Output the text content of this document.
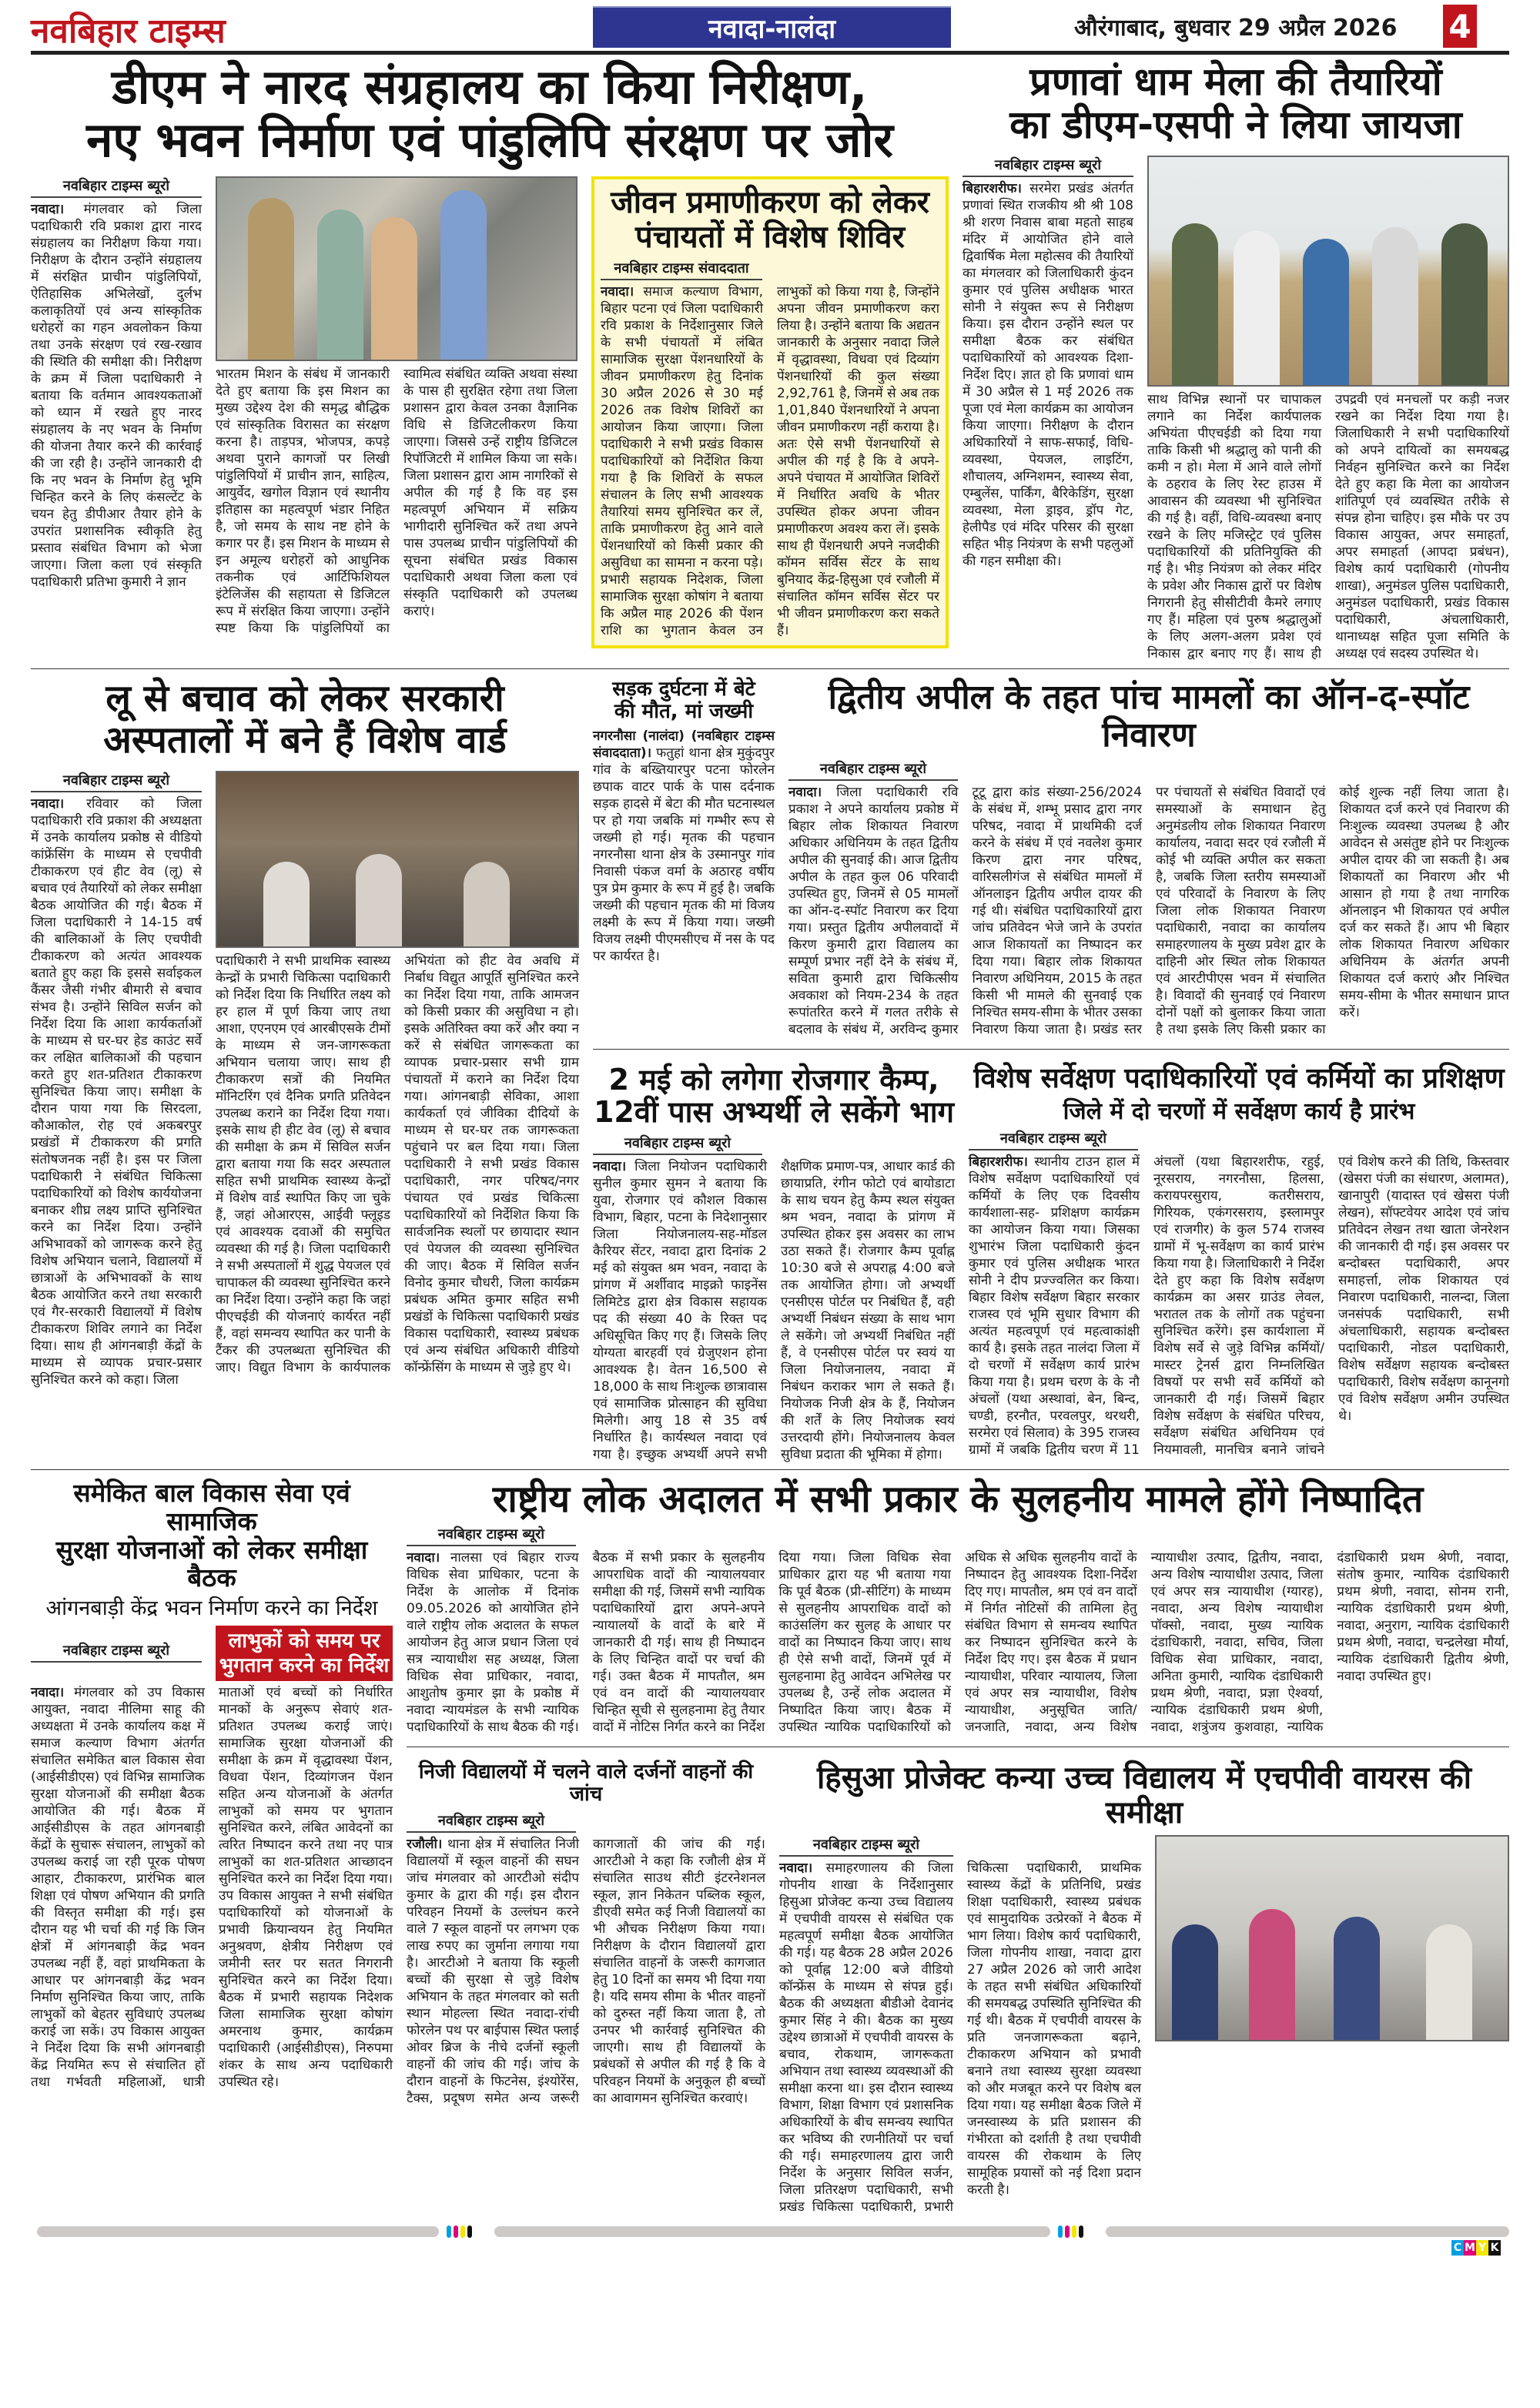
नवबिहार टाइम्स	नवादा-नालंदा	औरंगाबाद, बुधवार 29 अप्रैल 2026 4
डीएम ने नारद संग्रहालय का किया निरीक्षण,
नए भवन निर्माण एवं पांडुलिपि संरक्षण पर जोर
नवबिहार टाइम्स ब्यूरो

नवादा। मंगलवार को जिला पदाधिकारी रवि प्रकाश द्वारा नारद संग्रहालय का निरीक्षण किया गया। निरीक्षण के दौरान उन्होंने संग्रहालय में संरक्षित प्राचीन पांडुलिपियों, ऐतिहासिक अभिलेखों, दुर्लभ कलाकृतियों एवं अन्य सांस्कृतिक धरोहरों का गहन अवलोकन किया तथा उनके संरक्षण एवं रख-रखाव की स्थिति की समीक्षा की। निरीक्षण के क्रम में जिला पदाधिकारी ने बताया कि वर्तमान आवश्यकताओं को ध्यान में रखते हुए नारद संग्रहालय के नए भवन के निर्माण की योजना तैयार करने की कार्रवाई की जा रही है। उन्होंने जानकारी दी कि नए भवन के निर्माण हेतु भूमि चिन्हित करने के लिए कंसल्टेंट के चयन हेतु डीपीआर तैयार होने के उपरांत प्रशासनिक स्वीकृति हेतु प्रस्ताव संबंधित विभाग को भेजा जाएगा। जिला कला एवं संस्कृति पदाधिकारी प्रतिभा कुमारी ने ज्ञान

भारतम मिशन के संबंध में जानकारी देते हुए बताया कि इस मिशन का मुख्य उद्देश्य देश की समृद्ध बौद्धिक एवं सांस्कृतिक विरासत का संरक्षण करना है। ताड़पत्र, भोजपत्र, कपड़े अथवा पुराने कागजों पर लिखी पांडुलिपियों में प्राचीन ज्ञान, साहित्य, आयुर्वेद, खगोल विज्ञान एवं स्थानीय इतिहास का महत्वपूर्ण भंडार निहित है, जो समय के साथ नष्ट होने के कगार पर हैं। इस मिशन के माध्यम से इन अमूल्य धरोहरों को आधुनिक तकनीक एवं आर्टिफिशियल इंटेलिजेंस की सहायता से डिजिटल रूप में संरक्षित किया जाएगा। उन्होंने स्पष्ट किया कि पांडुलिपियों का स्वामित्व संबंधित व्यक्ति अथवा संस्था के पास ही सुरक्षित रहेगा तथा जिला प्रशासन द्वारा केवल उनका वैज्ञानिक विधि से डिजिटलीकरण किया जाएगा। जिससे उन्हें राष्ट्रीय डिजिटल रिपॉजिटरी में शामिल किया जा सके। जिला प्रशासन द्वारा आम नागरिकों से अपील की गई है कि वह इस महत्वपूर्ण अभियान में सक्रिय भागीदारी सुनिश्चित करें तथा अपने पास उपलब्ध प्राचीन पांडुलिपियों की सूचना संबंधित प्रखंड विकास पदाधिकारी अथवा जिला कला एवं संस्कृति पदाधिकारी को उपलब्ध कराएं।

जीवन प्रमाणीकरण को लेकर
पंचायतों में विशेष शिविर
नवबिहार टाइम्स संवाददाता

नवादा। समाज कल्याण विभाग, बिहार पटना एवं जिला पदाधिकारी रवि प्रकाश के निर्देशानुसार जिले के सभी पंचायतों में लंबित सामाजिक सुरक्षा पेंशनधारियों के जीवन प्रमाणीकरण हेतु दिनांक 30 अप्रैल 2026 से 30 मई 2026 तक विशेष शिविरों का आयोजन किया जाएगा। जिला पदाधिकारी ने सभी प्रखंड विकास पदाधिकारियों को निर्देशित किया गया है कि शिविरों के सफल संचालन के लिए सभी आवश्यक तैयारियां समय सुनिश्चित कर लें, ताकि प्रमाणीकरण हेतु आने वाले पेंशनधारियों को किसी प्रकार की असुविधा का सामना न करना पड़े। प्रभारी सहायक निदेशक, जिला सामाजिक सुरक्षा कोषांग ने बताया कि अप्रैल माह 2026 की पेंशन राशि का भुगतान केवल उन लाभुकों को किया गया है, जिन्होंने अपना जीवन प्रमाणीकरण करा लिया है। उन्होंने बताया कि अद्यतन जानकारी के अनुसार नवादा जिले में वृद्धावस्था, विधवा एवं दिव्यांग पेंशनधारियों की कुल संख्या 2,92,761 है, जिनमें से अब तक 1,01,840 पेंशनधारियों ने अपना जीवन प्रमाणीकरण नहीं कराया है। अतः ऐसे सभी पेंशनधारियों से अपील की गई है कि वे अपने-अपने पंचायत में आयोजित शिविरों में निर्धारित अवधि के भीतर उपस्थित होकर अपना जीवन प्रमाणीकरण अवश्य करा लें। इसके साथ ही पेंशनधारी अपने नजदीकी कॉमन सर्विस सेंटर के साथ बुनियाद केंद्र-हिसुआ एवं रजौली में संचालित कॉमन सर्विस सेंटर पर भी जीवन प्रमाणीकरण करा सकते हैं।

प्रणावां धाम मेला की तैयारियों
का डीएम-एसपी ने लिया जायजा
नवबिहार टाइम्स ब्यूरो

बिहारशरीफ। सरमेरा प्रखंड अंतर्गत प्रणावां स्थित राजकीय श्री श्री 108 श्री शरण निवास बाबा महतो साहब मंदिर में आयोजित होने वाले द्विवार्षिक मेला महोत्सव की तैयारियों का मंगलवार को जिलाधिकारी कुंदन कुमार एवं पुलिस अधीक्षक भारत सोनी ने संयुक्त रूप से निरीक्षण किया। इस दौरान उन्होंने स्थल पर समीक्षा बैठक कर संबंधित पदाधिकारियों को आवश्यक दिशा-निर्देश दिए। ज्ञात हो कि प्रणावां धाम में 30 अप्रैल से 1 मई 2026 तक पूजा एवं मेला कार्यक्रम का आयोजन किया जाएगा। निरीक्षण के दौरान अधिकारियों ने साफ-सफाई, विधि-व्यवस्था, पेयजल, लाइटिंग, शौचालय, अग्निशमन, स्वास्थ्य सेवा, एम्बुलेंस, पार्किंग, बैरिकेडिंग, सुरक्षा व्यवस्था, मेला ड्राइव, ड्रॉप गेट, हेलीपैड एवं मंदिर परिसर की सुरक्षा सहित भीड़ नियंत्रण के सभी पहलुओं की गहन समीक्षा की।

साथ विभिन्न स्थानों पर चापाकल लगाने का निर्देश कार्यपालक अभियंता पीएचईडी को दिया गया ताकि किसी भी श्रद्धालु को पानी की कमी न हो। मेला में आने वाले लोगों के ठहराव के लिए रेस्ट हाउस में आवासन की व्यवस्था भी सुनिश्चित की गई है। वहीं, विधि-व्यवस्था बनाए रखने के लिए मजिस्ट्रेट एवं पुलिस पदाधिकारियों की प्रतिनियुक्ति की गई है। भीड़ नियंत्रण को लेकर मंदिर के प्रवेश और निकास द्वारों पर विशेष निगरानी हेतु सीसीटीवी कैमरे लगाए गए हैं। महिला एवं पुरुष श्रद्धालुओं के लिए अलग-अलग प्रवेश एवं निकास द्वार बनाए गए हैं। साथ ही उपद्रवी एवं मनचलों पर कड़ी नजर रखने का निर्देश दिया गया है। जिलाधिकारी ने सभी पदाधिकारियों को अपने दायित्वों का समयबद्ध निर्वहन सुनिश्चित करने का निर्देश देते हुए कहा कि मेला का आयोजन शांतिपूर्ण एवं व्यवस्थित तरीके से संपन्न होना चाहिए। इस मौके पर उप विकास आयुक्त, अपर समाहर्ता, अपर समाहर्ता (आपदा प्रबंधन), विशेष कार्य पदाधिकारी (गोपनीय शाखा), अनुमंडल पुलिस पदाधिकारी, अनुमंडल पदाधिकारी, प्रखंड विकास पदाधिकारी, अंचलाधिकारी, थानाध्यक्ष सहित पूजा समिति के अध्यक्ष एवं सदस्य उपस्थित थे।

लू से बचाव को लेकर सरकारी
अस्पतालों में बने हैं विशेष वार्ड
नवबिहार टाइम्स ब्यूरो

नवादा। रविवार को जिला पदाधिकारी रवि प्रकाश की अध्यक्षता में उनके कार्यालय प्रकोष्ठ से वीडियो कांफ्रेंसिंग के माध्यम से एचपीवी टीकाकरण एवं हीट वेव (लू) से बचाव एवं तैयारियों को लेकर समीक्षा बैठक आयोजित की गई। बैठक में जिला पदाधिकारी ने 14-15 वर्ष की बालिकाओं के लिए एचपीवी टीकाकरण को अत्यंत आवश्यक बताते हुए कहा कि इससे सर्वाइकल कैंसर जैसी गंभीर बीमारी से बचाव संभव है। उन्होंने सिविल सर्जन को निर्देश दिया कि आशा कार्यकर्ताओं के माध्यम से घर-घर हेड काउंट सर्वे कर लक्षित बालिकाओं की पहचान करते हुए शत-प्रतिशत टीकाकरण सुनिश्चित किया जाए। समीक्षा के दौरान पाया गया कि सिरदला, कौआकोल, रोह एवं अकबरपुर प्रखंडों में टीकाकरण की प्रगति संतोषजनक नहीं है। इस पर जिला पदाधिकारी ने संबंधित चिकित्सा पदाधिकारियों को विशेष कार्ययोजना बनाकर शीघ्र लक्ष्य प्राप्ति सुनिश्चित करने का निर्देश दिया। उन्होंने अभिभावकों को जागरूक करने हेतु विशेष अभियान चलाने, विद्यालयों में छात्राओं के अभिभावकों के साथ बैठक आयोजित करने तथा सरकारी एवं गैर-सरकारी विद्यालयों में विशेष टीकाकरण शिविर लगाने का निर्देश दिया। साथ ही आंगनबाड़ी केंद्रों के माध्यम से व्यापक प्रचार-प्रसार सुनिश्चित करने को कहा। जिला

पदाधिकारी ने सभी प्राथमिक स्वास्थ्य केन्द्रों के प्रभारी चिकित्सा पदाधिकारी को निर्देश दिया कि निर्धारित लक्ष्य को हर हाल में पूर्ण किया जाए तथा आशा, एएनएम एवं आरबीएसके टीमों के माध्यम से जन-जागरूकता अभियान चलाया जाए। साथ ही टीकाकरण सत्रों की नियमित मॉनिटरिंग एवं दैनिक प्रगति प्रतिवेदन उपलब्ध कराने का निर्देश दिया गया। इसके साथ ही हीट वेव (लू) से बचाव की समीक्षा के क्रम में सिविल सर्जन द्वारा बताया गया कि सदर अस्पताल सहित सभी प्राथमिक स्वास्थ्य केन्द्रों में विशेष वार्ड स्थापित किए जा चुके हैं, जहां ओआरएस, आईवी फ्लूइड एवं आवश्यक दवाओं की समुचित व्यवस्था की गई है। जिला पदाधिकारी ने सभी अस्पतालों में शुद्ध पेयजल एवं चापाकल की व्यवस्था सुनिश्चित करने का निर्देश दिया। उन्होंने कहा कि जहां पीएचईडी की योजनाएं कार्यरत नहीं हैं, वहां समन्वय स्थापित कर पानी के टैंकर की उपलब्धता सुनिश्चित की जाए। विद्युत विभाग के कार्यपालक अभियंता को हीट वेव अवधि में निर्बाध विद्युत आपूर्ति सुनिश्चित करने का निर्देश दिया गया, ताकि आमजन को किसी प्रकार की असुविधा न हो। इसके अतिरिक्त क्या करें और क्या न करें से संबंधित जागरूकता का व्यापक प्रचार-प्रसार सभी ग्राम पंचायतों में कराने का निर्देश दिया गया। आंगनबाड़ी सेविका, आशा कार्यकर्ता एवं जीविका दीदियों के माध्यम से घर-घर तक जागरूकता पहुंचाने पर बल दिया गया। जिला पदाधिकारी ने सभी प्रखंड विकास पदाधिकारी, नगर परिषद/नगर पंचायत एवं प्रखंड चिकित्सा पदाधिकारियों को निर्देशित किया कि सार्वजनिक स्थलों पर छायादार स्थान एवं पेयजल की व्यवस्था सुनिश्चित की जाए। बैठक में सिविल सर्जन विनोद कुमार चौधरी, जिला कार्यक्रम प्रबंधक अमित कुमार सहित सभी प्रखंडों के चिकित्सा पदाधिकारी प्रखंड विकास पदाधिकारी, स्वास्थ्य प्रबंधक एवं अन्य संबंधित अधिकारी वीडियो कॉन्फ्रेंसिंग के माध्यम से जुड़े हुए थे।

सड़क दुर्घटना में बेटे
की मौत, मां जख्मी

नगरनौसा (नालंदा) (नवबिहार टाइम्स संवाददाता)। फतुहां थाना क्षेत्र मुकुंदपुर गांव के बख्तियारपुर पटना फोरलेन छपाक वाटर पार्क के पास दर्दनाक सड़क हादसे में बेटा की मौत घटनास्थल पर हो गया जबकि मां गम्भीर रूप से जख्मी हो गई। मृतक की पहचान नगरनौसा थाना क्षेत्र के उस्मानपुर गांव निवासी पंकज वर्मा के अठारह वर्षीय पुत्र प्रेम कुमार के रूप में हुई है। जबकि जख्मी की पहचान मृतक की मां विजय लक्ष्मी के रूप में किया गया। जख्मी विजय लक्ष्मी पीएमसीएच में नस के पद पर कार्यरत है।

द्वितीय अपील के तहत पांच मामलों का ऑन-द-स्पॉट निवारण
नवबिहार टाइम्स ब्यूरो

नवादा। जिला पदाधिकारी रवि प्रकाश ने अपने कार्यालय प्रकोष्ठ में बिहार लोक शिकायत निवारण अधिकार अधिनियम के तहत द्वितीय अपील की सुनवाई की। आज द्वितीय अपील के तहत कुल 06 परिवादी उपस्थित हुए, जिनमें से 05 मामलों का ऑन-द-स्पॉट निवारण कर दिया गया। प्रस्तुत द्वितीय अपीलवादों में किरण कुमारी द्वारा विद्यालय का सम्पूर्ण प्रभार नहीं देने के संबंध में, सविता कुमारी द्वारा चिकित्सीय अवकाश को नियम-234 के तहत रूपांतरित करने में गलत तरीके से बदलाव के संबंध में, अरविन्द कुमार टूटू द्वारा कांड संख्या-256/2024 के संबंध में, शम्भू प्रसाद द्वारा नगर परिषद, नवादा में प्राथमिकी दर्ज करने के संबंध में एवं नवलेश कुमार किरण द्वारा नगर परिषद, वारिसलीगंज से संबंधित मामलों में ऑनलाइन द्वितीय अपील दायर की गई थी। संबंधित पदाधिकारियों द्वारा जांच प्रतिवेदन भेजे जाने के उपरांत आज शिकायतों का निष्पादन कर दिया गया। बिहार लोक शिकायत निवारण अधिनियम, 2015 के तहत किसी भी मामले की सुनवाई एक निश्चित समय-सीमा के भीतर उसका निवारण किया जाता है। प्रखंड स्तर पर पंचायतों से संबंधित विवादों एवं समस्याओं के समाधान हेतु अनुमंडलीय लोक शिकायत निवारण कार्यालय, नवादा सदर एवं रजौली में कोई भी व्यक्ति अपील कर सकता है, जबकि जिला स्तरीय समस्याओं एवं परिवादों के निवारण के लिए जिला लोक शिकायत निवारण पदाधिकारी, नवादा का कार्यालय समाहरणालय के मुख्य प्रवेश द्वार के दाहिनी ओर स्थित लोक शिकायत एवं आरटीपीएस भवन में संचालित है। विवादों की सुनवाई एवं निवारण दोनों पक्षों को बुलाकर किया जाता है तथा इसके लिए किसी प्रकार का कोई शुल्क नहीं लिया जाता है। शिकायत दर्ज करने एवं निवारण की निःशुल्क व्यवस्था उपलब्ध है और आवेदन से असंतुष्ट होने पर निःशुल्क अपील दायर की जा सकती है। अब शिकायतों का निवारण और भी आसान हो गया है तथा नागरिक ऑनलाइन भी शिकायत एवं अपील दर्ज कर सकते हैं। आप भी बिहार लोक शिकायत निवारण अधिकार अधिनियम के अंतर्गत अपनी शिकायत दर्ज कराएं और निश्चित समय-सीमा के भीतर समाधान प्राप्त करें।

2 मई को लगेगा रोजगार कैम्प,
12वीं पास अभ्यर्थी ले सकेंगे भाग
नवबिहार टाइम्स ब्यूरो

नवादा। जिला नियोजन पदाधिकारी सुनील कुमार सुमन ने बताया कि युवा, रोजगार एवं कौशल विकास विभाग, बिहार, पटना के निदेशानुसार जिला नियोजनालय-सह-मॉडल कैरियर सेंटर, नवादा द्वारा दिनांक 2 मई को संयुक्त श्रम भवन, नवादा के प्रांगण में अर्शीवाद माइक्रो फाइनेंस लिमिटेड द्वारा क्षेत्र विकास सहायक पद की संख्या 40 के रिक्त पद अधिसूचित किए गए हैं। जिसके लिए योग्यता बारहवीं एवं ग्रेजुएशन होना आवश्यक है। वेतन 16,500 से 18,000 के साथ निःशुल्क छात्रावास एवं सामाजिक प्रोत्साहन की सुविधा मिलेगी। आयु 18 से 35 वर्ष निर्धारित है। कार्यस्थल नवादा एवं गया है। इच्छुक अभ्यर्थी अपने सभी शैक्षणिक प्रमाण-पत्र, आधार कार्ड की छायाप्रति, रंगीन फोटो एवं बायोडाटा के साथ चयन हेतु कैम्प स्थल संयुक्त श्रम भवन, नवादा के प्रांगण में उपस्थित होकर इस अवसर का लाभ उठा सकते हैं। रोजगार कैम्प पूर्वाह्न 10:30 बजे से अपराह्न 4:00 बजे तक आयोजित होगा। जो अभ्यर्थी एनसीएस पोर्टल पर निबंधित हैं, वही अभ्यर्थी निबंधन संख्या के साथ भाग ले सकेंगे। जो अभ्यर्थी निबंधित नहीं हैं, वे एनसीएस पोर्टल पर स्वयं या जिला नियोजनालय, नवादा में निबंधन कराकर भाग ले सकते हैं। नियोजक निजी क्षेत्र के हैं, नियोजन की शर्तें के लिए नियोजक स्वयं उत्तरदायी होंगे। नियोजनालय केवल सुविधा प्रदाता की भूमिका में होगा।

विशेष सर्वेक्षण पदाधिकारियों एवं कर्मियों का प्रशिक्षण
जिले में दो चरणों में सर्वेक्षण कार्य है प्रारंभ
नवबिहार टाइम्स ब्यूरो

बिहारशरीफ। स्थानीय टाउन हाल में विशेष सर्वेक्षण पदाधिकारियों एवं कर्मियों के लिए एक दिवसीय कार्यशाला-सह- प्रशिक्षण कार्यक्रम का आयोजन किया गया। जिसका शुभारंभ जिला पदाधिकारी कुंदन कुमार एवं पुलिस अधीक्षक भारत सोनी ने दीप प्रज्ज्वलित कर किया। बिहार विशेष सर्वेक्षण बिहार सरकार राजस्व एवं भूमि सुधार विभाग की अत्यंत महत्वपूर्ण एवं महत्वाकांक्षी कार्य है। इसके तहत नालंदा जिला में दो चरणों में सर्वेक्षण कार्य प्रारंभ किया गया है। प्रथम चरण के के नौ अंचलों (यथा अस्थावां, बेन, बिन्द, चण्डी, हरनौत, परवलपुर, थरथरी, सरमेरा एवं सिलाव) के 395 राजस्व ग्रामों में जबकि द्वितीय चरण में 11 अंचलों (यथा बिहारशरीफ, रहुई, नूरसराय, नगरनौसा, हिलसा, करायपरसुराय, कतरीसराय, गिरियक, एकंगरसराय, इस्लामपुर एवं राजगीर) के कुल 574 राजस्व ग्रामों में भू-सर्वेक्षण का कार्य प्रारंभ किया गया है। जिलाधिकारी ने निर्देश देते हुए कहा कि विशेष सर्वेक्षण कार्यक्रम का असर ग्राउंड लेवल, भरातल तक के लोगों तक पहुंचना सुनिश्चित करेंगे। इस कार्यशाला में विशेष सर्वे से जुड़े विभिन्न कर्मियों/मास्टर ट्रेनर्स द्वारा निम्नलिखित विषयों पर सभी सर्वे कर्मियों को जानकारी दी गई। जिसमें बिहार विशेष सर्वेक्षण के संबंधित परिचय, सर्वेक्षण संबंधित अधिनियम एवं नियमावली, मानचित्र बनाने जांचने एवं विशेष करने की तिथि, किस्तवार (खेसरा पंजी का संधारण, अलामत), खानापुरी (यादास्त एवं खेसरा पंजी लेखन), सॉफ्टवेयर आदेश एवं जांच प्रतिवेदन लेखन तथा खाता जेनरेशन की जानकारी दी गई। इस अवसर पर बन्दोबस्त पदाधिकारी, अपर समाहर्त्ता, लोक शिकायत एवं निवारण पदाधिकारी, नालन्दा, जिला जनसंपर्क पदाधिकारी, सभी अंचलाधिकारी, सहायक बन्दोबस्त पदाधिकारी, नोडल पदाधिकारी, विशेष सर्वेक्षण सहायक बन्दोबस्त पदाधिकारी, विशेष सर्वेक्षण कानूनगो एवं विशेष सर्वेक्षण अमीन उपस्थित थे।

समेकित बाल विकास सेवा एवं सामाजिक
सुरक्षा योजनाओं को लेकर समीक्षा बैठक
आंगनबाड़ी केंद्र भवन निर्माण करने का निर्देश
नवबिहार टाइम्स ब्यूरो	लाभुकों को समय पर भुगतान करने का निर्देश

नवादा। मंगलवार को उप विकास आयुक्त, नवादा नीलिमा साहू की अध्यक्षता में उनके कार्यालय कक्ष में समाज कल्याण विभाग अंतर्गत संचालित समेकित बाल विकास सेवा (आईसीडीएस) एवं विभिन्न सामाजिक सुरक्षा योजनाओं की समीक्षा बैठक आयोजित की गई। बैठक में आईसीडीएस के तहत आंगनबाड़ी केंद्रों के सुचारू संचालन, लाभुकों को उपलब्ध कराई जा रही पूरक पोषण आहार, टीकाकरण, प्रारंभिक बाल शिक्षा एवं पोषण अभियान की प्रगति की विस्तृत समीक्षा की गई। इस दौरान यह भी चर्चा की गई कि जिन क्षेत्रों में आंगनबाड़ी केंद्र भवन उपलब्ध नहीं हैं, वहां प्राथमिकता के आधार पर आंगनबाड़ी केंद्र भवन निर्माण सुनिश्चित किया जाए, ताकि लाभुकों को बेहतर सुविधाएं उपलब्ध कराई जा सकें। उप विकास आयुक्त ने निर्देश दिया कि सभी आंगनबाड़ी केंद्र नियमित रूप से संचालित हों तथा गर्भवती महिलाओं, धात्री माताओं एवं बच्चों को निर्धारित मानकों के अनुरूप सेवाएं शत-प्रतिशत उपलब्ध कराई जाएं। सामाजिक सुरक्षा योजनाओं की समीक्षा के क्रम में वृद्धावस्था पेंशन, विधवा पेंशन, दिव्यांगजन पेंशन सहित अन्य योजनाओं के अंतर्गत लाभुकों को समय पर भुगतान सुनिश्चित करने, लंबित आवेदनों का त्वरित निष्पादन करने तथा नए पात्र लाभुकों का शत-प्रतिशत आच्छादन सुनिश्चित करने का निर्देश दिया गया। उप विकास आयुक्त ने सभी संबंधित पदाधिकारियों को योजनाओं के प्रभावी क्रियान्वयन हेतु नियमित अनुश्रवण, क्षेत्रीय निरीक्षण एवं जमीनी स्तर पर सतत निगरानी सुनिश्चित करने का निर्देश दिया। बैठक में प्रभारी सहायक निदेशक जिला सामाजिक सुरक्षा कोषांग अमरनाथ कुमार, कार्यक्रम पदाधिकारी (आईसीडीएस), निरुपमा शंकर के साथ अन्य पदाधिकारी उपस्थित रहे।

राष्ट्रीय लोक अदालत में सभी प्रकार के सुलहनीय मामले होंगे निष्पादित
नवबिहार टाइम्स ब्यूरो

नवादा। नालसा एवं बिहार राज्य विधिक सेवा प्राधिकार, पटना के निर्देश के आलोक में दिनांक 09.05.2026 को आयोजित होने वाले राष्ट्रीय लोक अदालत के सफल आयोजन हेतु आज प्रधान जिला एवं सत्र न्यायाधीश सह अध्यक्ष, जिला विधिक सेवा प्राधिकार, नवादा, आशुतोष कुमार झा के प्रकोष्ठ में नवादा न्यायमंडल के सभी न्यायिक पदाधिकारियों के साथ बैठक की गई। बैठक में सभी प्रकार के सुलहनीय आपराधिक वादों की न्यायालयवार समीक्षा की गई, जिसमें सभी न्यायिक पदाधिकारियों द्वारा अपने-अपने न्यायालयों के वादों के बारे में जानकारी दी गई। साथ ही निष्पादन के लिए चिन्हित वादों पर चर्चा की गई। उक्त बैठक में मापतौल, श्रम एवं वन वादों की न्यायालयवार चिन्हित सूची से सुलहनामा हेतु तैयार वादों में नोटिस निर्गत करने का निर्देश दिया गया। जिला विधिक सेवा प्राधिकार द्वारा यह भी बताया गया कि पूर्व बैठक (प्री-सीटिंग) के माध्यम से सुलहनीय आपराधिक वादों को काउंसलिंग कर सुलह के आधार पर वादों का निष्पादन किया जाए। साथ ही ऐसे सभी वादों, जिनमें पूर्व में सुलहनामा हेतु आवेदन अभिलेख पर उपलब्ध है, उन्हें लोक अदालत में निष्पादित किया जाए। बैठक में उपस्थित न्यायिक पदाधिकारियों को अधिक से अधिक सुलहनीय वादों के निष्पादन हेतु आवश्यक दिशा-निर्देश दिए गए। मापतौल, श्रम एवं वन वादों में निर्गत नोटिसों की तामिला हेतु संबंधित विभाग से समन्वय स्थापित कर निष्पादन सुनिश्चित करने के निर्देश दिए गए। इस बैठक में प्रधान न्यायाधीश, परिवार न्यायालय, जिला एवं अपर सत्र न्यायाधीश, विशेष न्यायाधीश, अनुसूचित जाति/जनजाति, नवादा, अन्य विशेष न्यायाधीश उत्पाद, द्वितीय, नवादा, अन्य विशेष न्यायाधीश उत्पाद, जिला एवं अपर सत्र न्यायाधीश (ग्यारह), नवादा, अन्य विशेष न्यायाधीश पॉक्सो, नवादा, मुख्य न्यायिक दंडाधिकारी, नवादा, सचिव, जिला विधिक सेवा प्राधिकार, नवादा, अनिता कुमारी, न्यायिक दंडाधिकारी प्रथम श्रेणी, नवादा, प्रज्ञा ऐश्वर्या, न्यायिक दंडाधिकारी प्रथम श्रेणी, नवादा, शत्रुंजय कुशवाहा, न्यायिक दंडाधिकारी प्रथम श्रेणी, नवादा, संतोष कुमार, न्यायिक दंडाधिकारी प्रथम श्रेणी, नवादा, सोनम रानी, न्यायिक दंडाधिकारी प्रथम श्रेणी, नवादा, अनुराग, न्यायिक दंडाधिकारी प्रथम श्रेणी, नवादा, चन्द्रलेखा मौर्या, न्यायिक दंडाधिकारी द्वितीय श्रेणी, नवादा उपस्थित हुए।

निजी विद्यालयों में चलने वाले दर्जनों वाहनों की जांच
नवबिहार टाइम्स ब्यूरो

रजौली। थाना क्षेत्र में संचालित निजी विद्यालयों में स्कूल वाहनों की सघन जांच मंगलवार को आरटीओ संदीप कुमार के द्वारा की गई। इस दौरान परिवहन नियमों के उल्लंघन करने वाले 7 स्कूल वाहनों पर लगभग एक लाख रुपए का जुर्माना लगाया गया है। आरटीओ ने बताया कि स्कूली बच्चों की सुरक्षा से जुड़े विशेष अभियान के तहत मंगलवार को सती स्थान मोहल्ला स्थित नवादा-रांची फोरलेन पथ पर बाईपास स्थित फ्लाई ओवर ब्रिज के नीचे दर्जनों स्कूली वाहनों की जांच की गई। जांच के दौरान वाहनों के फिटनेस, इंश्योरेंस, टैक्स, प्रदूषण समेत अन्य जरूरी कागजातों की जांच की गई। आरटीओ ने कहा कि रजौली क्षेत्र में संचालित साउथ सीटी इंटरनेशनल स्कूल, ज्ञान निकेतन पब्लिक स्कूल, डीएवी समेत कई निजी विद्यालयों का भी औचक निरीक्षण किया गया। निरीक्षण के दौरान विद्यालयों द्वारा संचालित वाहनों के जरूरी कागजात हेतु 10 दिनों का समय भी दिया गया है। यदि समय सीमा के भीतर वाहनों को दुरुस्त नहीं किया जाता है, तो उनपर भी कार्रवाई सुनिश्चित की जाएगी। साथ ही विद्यालयों के प्रबंधकों से अपील की गई है कि वे परिवहन नियमों के अनुकूल ही बच्चों का आवागमन सुनिश्चित करवाएं।

हिसुआ प्रोजेक्ट कन्या उच्च विद्यालय में एचपीवी वायरस की समीक्षा
नवबिहार टाइम्स ब्यूरो

नवादा। समाहरणालय की जिला गोपनीय शाखा के निर्देशानुसार हिसुआ प्रोजेक्ट कन्या उच्च विद्यालय में एचपीवी वायरस से संबंधित एक महत्वपूर्ण समीक्षा बैठक आयोजित की गई। यह बैठक 28 अप्रैल 2026 को पूर्वाह्न 12:00 बजे वीडियो कॉन्फ्रेंस के माध्यम से संपन्न हुई। बैठक की अध्यक्षता बीडीओ देवानंद कुमार सिंह ने की। बैठक का मुख्य उद्देश्य छात्राओं में एचपीवी वायरस के बचाव, रोकथाम, जागरूकता अभियान तथा स्वास्थ्य व्यवस्थाओं की समीक्षा करना था। इस दौरान स्वास्थ्य विभाग, शिक्षा विभाग एवं प्रशासनिक अधिकारियों के बीच समन्वय स्थापित कर भविष्य की रणनीतियों पर चर्चा की गई। समाहरणालय द्वारा जारी निर्देश के अनुसार सिविल सर्जन, जिला प्रतिरक्षण पदाधिकारी, सभी प्रखंड चिकित्सा पदाधिकारी, प्रभारी चिकित्सा पदाधिकारी, प्राथमिक स्वास्थ्य केंद्रों के प्रतिनिधि, प्रखंड शिक्षा पदाधिकारी, स्वास्थ्य प्रबंधक एवं सामुदायिक उत्प्रेरकों ने बैठक में भाग लिया। विशेष कार्य पदाधिकारी, जिला गोपनीय शाखा, नवादा द्वारा 27 अप्रैल 2026 को जारी आदेश के तहत सभी संबंधित अधिकारियों की समयबद्ध उपस्थिति सुनिश्चित की गई थी। बैठक में एचपीवी वायरस के प्रति जनजागरूकता बढ़ाने, टीकाकरण अभियान को प्रभावी बनाने तथा स्वास्थ्य सुरक्षा व्यवस्था को और मजबूत करने पर विशेष बल दिया गया। यह समीक्षा बैठक जिले में जनस्वास्थ्य के प्रति प्रशासन की गंभीरता को दर्शाती है तथा एचपीवी वायरस की रोकथाम के लिए सामूहिक प्रयासों को नई दिशा प्रदान करती है।

C M Y K
